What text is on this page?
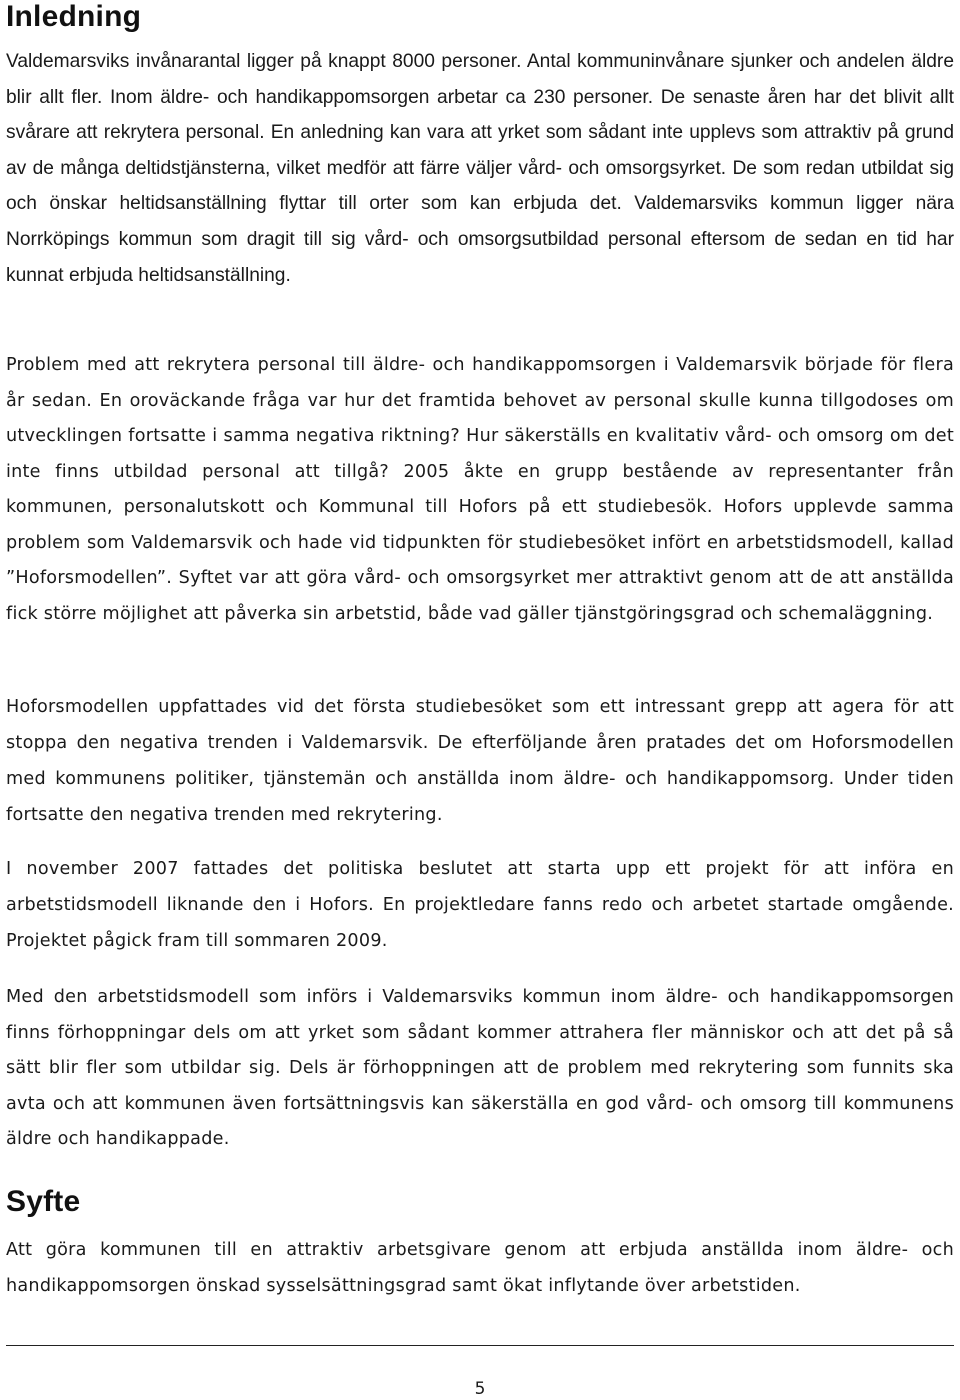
Inledning

Valdemarsviks invånarantal ligger på knappt 8000 personer. Antal kommuninvånare sjunker och andelen äldre blir allt fler. Inom äldre- och handikappomsorgen arbetar ca 230 personer. De senaste åren har det blivit allt svårare att rekrytera personal. En anledning kan vara att yrket som sådant inte upplevs som attraktiv på grund av de många deltidstjänsterna, vilket medför att färre väljer vård- och omsorgsyrket. De som redan utbildat sig och önskar heltidsanställning flyttar till orter som kan erbjuda det. Valdemarsviks kommun ligger nära Norrköpings kommun som dragit till sig vård- och omsorgsutbildad personal eftersom de sedan en tid har kunnat erbjuda heltidsanställning.

Problem med att rekrytera personal till äldre- och handikappomsorgen i Valdemarsvik började för flera år sedan. En oroväckande fråga var hur det framtida behovet av personal skulle kunna tillgodoses om utvecklingen fortsatte i samma negativa riktning? Hur säkerställs en kvalitativ vård- och omsorg om det inte finns utbildad personal att tillgå? 2005 åkte en grupp bestående av representanter från kommunen, personalutskott och Kommunal till Hofors på ett studiebesök. Hofors upplevde samma problem som Valdemarsvik och hade vid tidpunkten för studiebesöket infört en arbetstidsmodell, kallad ”Hoforsmodellen”. Syftet var att göra vård- och omsorgsyrket mer attraktivt genom att de att anställda fick större möjlighet att påverka sin arbetstid, både vad gäller tjänstgöringsgrad och schemaläggning.

Hoforsmodellen uppfattades vid det första studiebesöket som ett intressant grepp att agera för att stoppa den negativa trenden i Valdemarsvik. De efterföljande åren pratades det om Hoforsmodellen med kommunens politiker, tjänstemän och anställda inom äldre- och handikappomsorg. Under tiden fortsatte den negativa trenden med rekrytering.

I november 2007 fattades det politiska beslutet att starta upp ett projekt för att införa en arbetstidsmodell liknande den i Hofors. En projektledare fanns redo och arbetet startade omgående. Projektet pågick fram till sommaren 2009.

Med den arbetstidsmodell som införs i Valdemarsviks kommun inom äldre- och handikappomsorgen finns förhoppningar dels om att yrket som sådant kommer attrahera fler människor och att det på så sätt blir fler som utbildar sig. Dels är förhoppningen att de problem med rekrytering som funnits ska avta och att kommunen även fortsättningsvis kan säkerställa en god vård- och omsorg till kommunens äldre och handikappade.

Syfte

Att göra kommunen till en attraktiv arbetsgivare genom att erbjuda anställda inom äldre- och handikappomsorgen önskad sysselsättningsgrad samt ökat inflytande över arbetstiden.

5
